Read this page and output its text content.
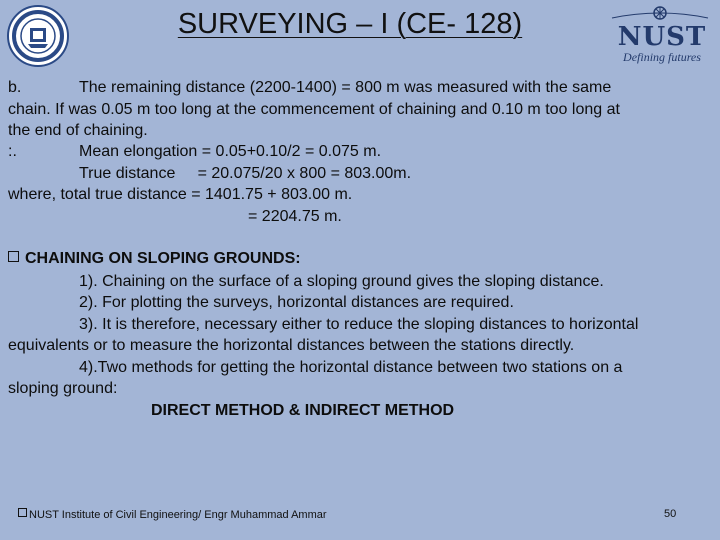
SURVEYING – I (CE- 128)	NUST
Defining futures
b.	The remaining distance (2200-1400) = 800 m was measured with the same
chain. If was 0.05 m too long at the commencement of chaining and 0.10 m too long at
the end of chaining.
:.	Mean elongation = 0.05+0.10/2 = 0.075 m.
True distance     = 20.075/20 x 800 = 803.00m.
where, total true distance = 1401.75 + 803.00 m.
= 2204.75 m.
CHAINING ON SLOPING GROUNDS:
1). Chaining on the surface of a sloping ground gives the sloping distance.
2). For plotting the surveys, horizontal distances are required.
3). It is therefore, necessary either to reduce the sloping distances to horizontal
equivalents or to measure the horizontal distances between the stations directly.
4).Two methods for getting the horizontal distance between two stations on a
sloping ground:
DIRECT METHOD & INDIRECT METHOD
NUST Institute of Civil Engineering/ Engr Muhammad Ammar	50
